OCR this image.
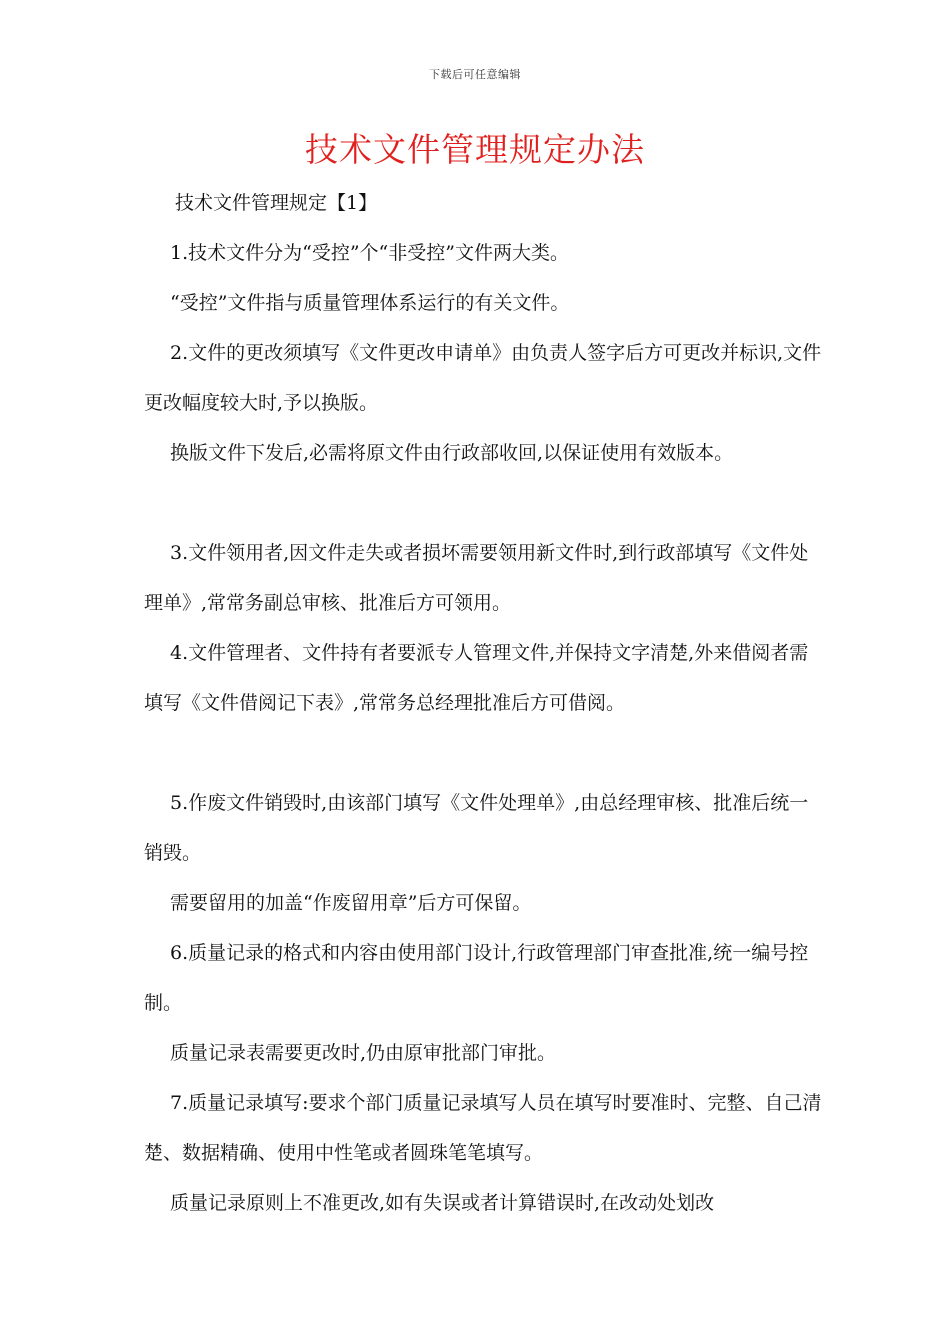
下载后可任意编辑
技术文件管理规定办法

技术文件管理规定【1】

1.技术文件分为“受控”个“非受控”文件两大类。

“受控”文件指与质量管理体系运行的有关文件。

2.文件的更改须填写《文件更改申请单》由负责人签字后方可更改并标识,文件更改幅度较大时,予以换版。

换版文件下发后,必需将原文件由行政部收回,以保证使用有效版本。

3.文件领用者,因文件走失或者损坏需要领用新文件时,到行政部填写《文件处理单》,常常务副总审核、批准后方可领用。

4.文件管理者、文件持有者要派专人管理文件,并保持文字清楚,外来借阅者需填写《文件借阅记下表》,常常务总经理批准后方可借阅。

5.作废文件销毁时,由该部门填写《文件处理单》,由总经理审核、批准后统一销毁。

需要留用的加盖“作废留用章”后方可保留。

6.质量记录的格式和内容由使用部门设计,行政管理部门审查批准,统一编号控制。

质量记录表需要更改时,仍由原审批部门审批。

7.质量记录填写:要求个部门质量记录填写人员在填写时要准时、完整、自己清楚、数据精确、使用中性笔或者圆珠笔笔填写。

质量记录原则上不准更改,如有失误或者计算错误时,在改动处划改
